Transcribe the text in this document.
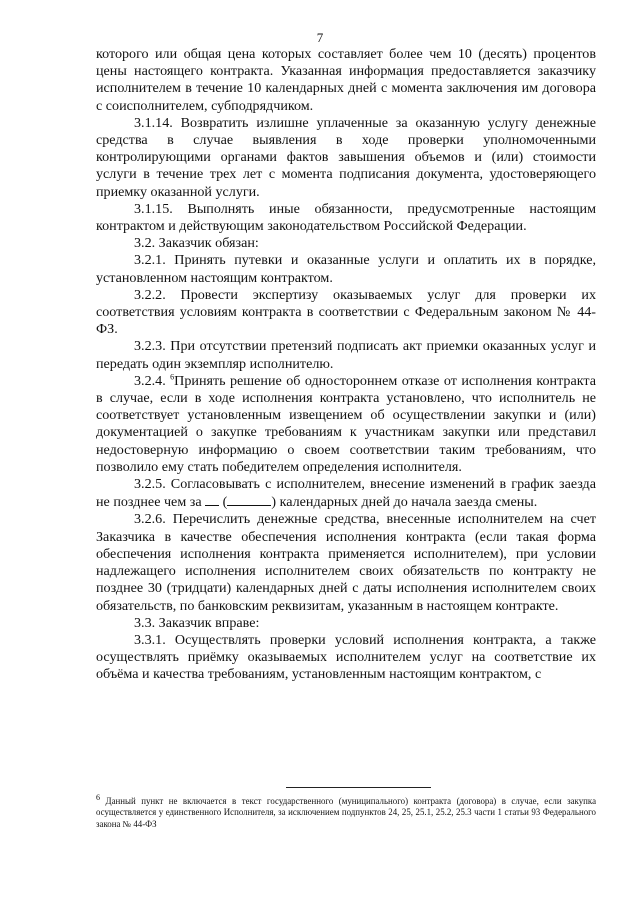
7

которого или общая цена которых составляет более чем 10 (десять) процентов цены настоящего контракта. Указанная информация предоставляется заказчику исполнителем в течение 10 календарных дней с момента заключения им договора с соисполнителем, субподрядчиком.

3.1.14. Возвратить излишне уплаченные за оказанную услугу денежные средства в случае выявления в ходе проверки уполномоченными контролирующими органами фактов завышения объемов и (или) стоимости услуги в течение трех лет с момента подписания документа, удостоверяющего приемку оказанной услуги.

3.1.15. Выполнять иные обязанности, предусмотренные настоящим контрактом и действующим законодательством Российской Федерации.

3.2. Заказчик обязан:

3.2.1. Принять путевки и оказанные услуги и оплатить их в порядке, установленном настоящим контрактом.

3.2.2. Провести экспертизу оказываемых услуг для проверки их соответствия условиям контракта в соответствии с Федеральным законом № 44-ФЗ.

3.2.3. При отсутствии претензий подписать акт приемки оказанных услуг и передать один экземпляр исполнителю.

3.2.4. $^6$Принять решение об одностороннем отказе от исполнения контракта в случае, если в ходе исполнения контракта установлено, что исполнитель не соответствует установленным извещением об осуществлении закупки и (или) документацией о закупке требованиям к участникам закупки или представил недостоверную информацию о своем соответствии таким требованиям, что позволило ему стать победителем определения исполнителя.

3.2.5. Согласовывать с исполнителем, внесение изменений в график заезда не позднее чем за (	) календарных дней до начала заезда смены.

3.2.6. Перечислить денежные средства, внесенные исполнителем на счет Заказчика в качестве обеспечения исполнения контракта (если такая форма обеспечения исполнения контракта применяется исполнителем), при условии надлежащего исполнения исполнителем своих обязательств по контракту не позднее 30 (тридцати) календарных дней с даты исполнения исполнителем своих обязательств, по банковским реквизитам, указанным в настоящем контракте.

3.3. Заказчик вправе:

3.3.1. Осуществлять проверки условий исполнения контракта, а также осуществлять приёмку оказываемых исполнителем услуг на соответствие их объёма и качества требованиям, установленным настоящим контрактом, с

$^6$ Данный пункт не включается в текст государственного (муниципального) контракта (договора) в случае, если закупка осуществляется у единственного Исполнителя, за исключением подпунктов 24, 25, 25.1, 25.2, 25.3 части 1 статьи 93 Федерального закона № 44-ФЗ
